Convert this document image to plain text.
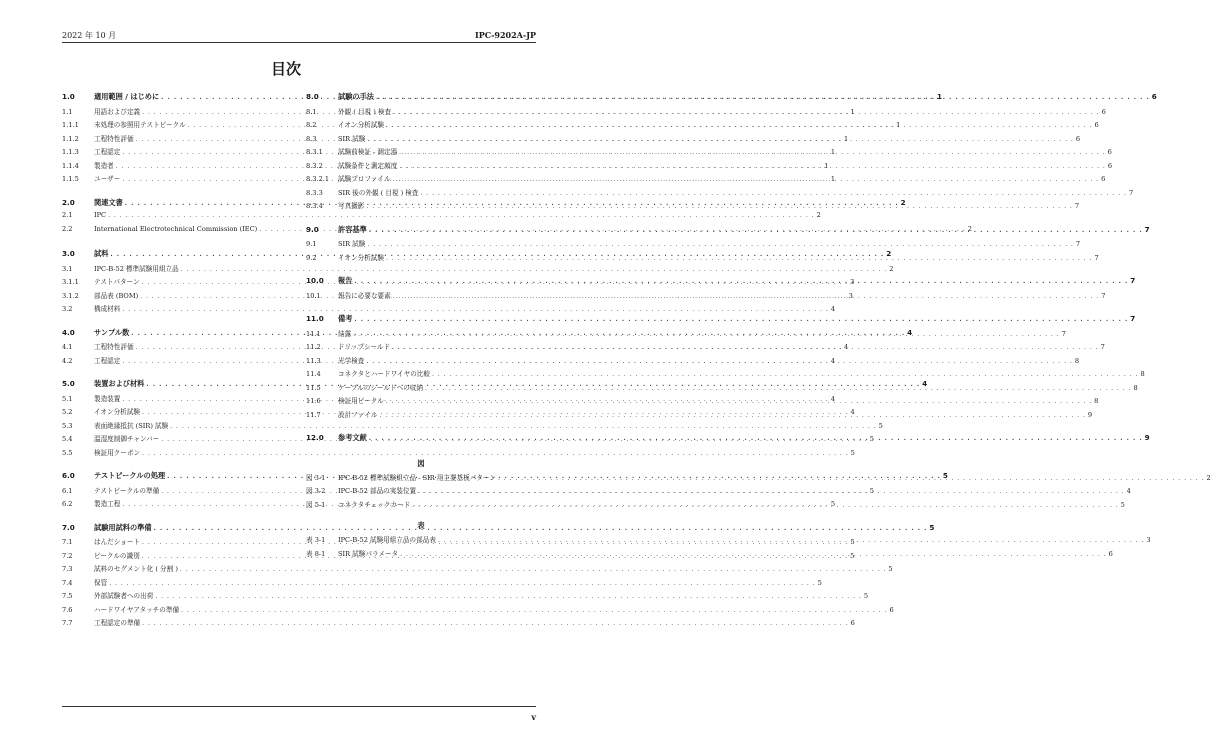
2022 年 10 月	IPC-9202A-JP
目次
1.0	適用範囲 / はじめに . . .	1
1.1	用語および定義 . . .	1
1.1.1	未処理の参照用テストビークル . . .	1
1.1.2	工程特性評価 . . .	1
1.1.3	工程認定 . . .	1
1.1.4	製造者 . . .	1
1.1.5	ユーザー . . .	1
2.0	関連文書 . . .	2
2.1	IPC . . .	2
2.2	International Electrotechnical Commission (IEC) . . .	2
3.0	試料 . . .	2
3.1	IPC-B-52 標準試験用組立品 . . .	2
3.1.1	テストパターン . . .	3
3.1.2	部品表 (BOM) . . .	3
3.2	構成材料 . . .	4
4.0	サンプル数 . . .	4
4.1	工程特性評価 . . .	4
4.2	工程認定 . . .	4
5.0	装置および材料 . . .	4
5.1	製造装置 . . .	4
5.2	イオン分析試験 . . .	4
5.3	表面絶縁抵抗 (SIR) 試験 . . .	5
5.4	温湿度制御チャンバー . . .	5
5.5	検証用クーポン . . .	5
6.0	テストビークルの処理 . . .	5
6.1	テストビークルの準備 . . .	5
6.2	製造工程 . . .	5
7.0	試験用試料の準備 . . .	5
7.1	はんだショート . . .	5
7.2	ビークルの識別 . . .	5
7.3	試料のセグメント化 ( 分割 ) . . .	5
7.4	保管 . . .	5
7.5	外部試験者への出荷 . . .	5
7.6	ハードワイヤアタッチの準備 . . .	6
7.7	工程認定の準備 . . .	6
8.0	試験の手法 . . .	6
8.1	外観 ( 目視 ) 検査 . . .	6
8.2	イオン分析試験 . . .	6
8.3	SIR 試験 . . .	6
8.3.1	試験前検証 - 測定器 . . .	6
8.3.2	試験条件と測定頻度 . . .	6
8.3.2.1	試験プロファイル . . .	6
8.3.3	SIR 後の外観 ( 目視 ) 検査 . . .	7
8.3.4	写真撮影 . . .	7
9.0	許容基準 . . .	7
9.1	SIR 試験 . . .	7
9.2	イオン分析試験 . . .	7
10.0	報告 . . .	7
10.1	報告に必要な要素 . . .	7
11.0	備考 . . .	7
11.1	結露 . . .	7
11.2	ドリップシールド . . .	7
11.3	光学検査 . . .	8
11.4	コネクタとハードワイヤの比較 . . .	8
11.5	ケーブルのシールドへの収納 . . .	8
11.6	検証用ビークル . . .	8
11.7	設計ファイル . . .	9
12.0	参考文献 . . .	9
図
図 3-1	IPC-B-52 標準試験組立品 - SIR 用主要基板パターン . . .	2
図 3-2	IPC-B-52 部品の実装位置 . . .	4
図 5-1	コネクタチェックカード . . .	5
表
表 3-1	IPC-B-52 試験用組立品の部品表 . . .	3
表 8-1	SIR 試験パラメータ . . .	6
v
